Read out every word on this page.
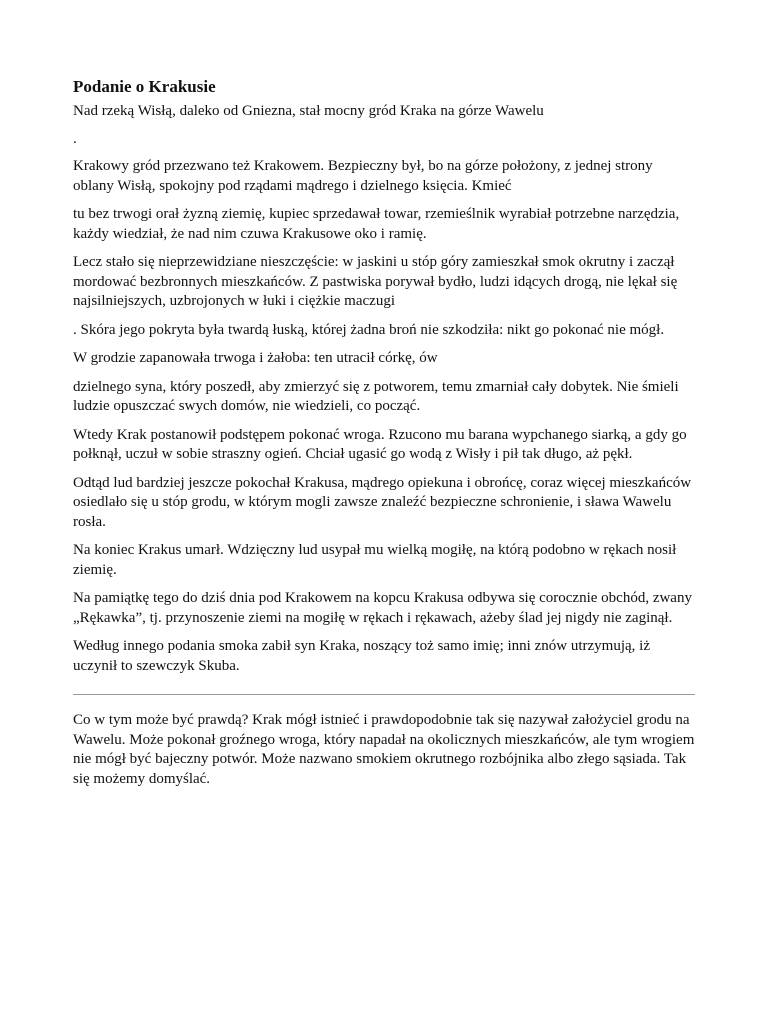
Podanie o Krakusie

Nad rzeką Wisłą, daleko od Gniezna, stał mocny gród Kraka na górze Wawelu

.

Krakowy gród przezwano też Krakowem. Bezpieczny był, bo na górze położony, z jednej strony oblany Wisłą, spokojny pod rządami mądrego i dzielnego księcia. Kmieć

tu bez trwogi orał żyzną ziemię, kupiec sprzedawał towar, rzemieślnik wyrabiał potrzebne narzędzia, każdy wiedział, że nad nim czuwa Krakusowe oko i ramię.

Lecz stało się nieprzewidziane nieszczęście: w jaskini u stóp góry zamieszkał smok okrutny i zaczął mordować bezbronnych mieszkańców. Z pastwiska porywał bydło, ludzi idących drogą, nie lękał się najsilniejszych, uzbrojonych w łuki i ciężkie maczugi

. Skóra jego pokryta była twardą łuską, której żadna broń nie szkodziła: nikt go pokonać nie mógł.

W grodzie zapanowała trwoga i żałoba: ten utracił córkę, ów

dzielnego syna, który poszedł, aby zmierzyć się z potworem, temu zmarniał cały dobytek. Nie śmieli ludzie opuszczać swych domów, nie wiedzieli, co począć.

Wtedy Krak postanowił podstępem pokonać wroga. Rzucono mu barana wypchanego siarką, a gdy go połknął, uczuł w sobie straszny ogień. Chciał ugasić go wodą z Wisły i pił tak długo, aż pękł.

Odtąd lud bardziej jeszcze pokochał Krakusa, mądrego opiekuna i obrońcę, coraz więcej mieszkańców osiedlało się u stóp grodu, w którym mogli zawsze znaleźć bezpieczne schronienie, i sława Wawelu rosła.

Na koniec Krakus umarł. Wdzięczny lud usypał mu wielką mogiłę, na którą podobno w rękach nosił ziemię.

Na pamiątkę tego do dziś dnia pod Krakowem na kopcu Krakusa odbywa się corocznie obchód, zwany „Rękawka”, tj. przynoszenie ziemi na mogiłę w rękach i rękawach, ażeby ślad jej nigdy nie zaginął.

Według innego podania smoka zabił syn Kraka, noszący toż samo imię; inni znów utrzymują, iż uczynił to szewczyk Skuba.

Co w tym może być prawdą? Krak mógł istnieć i prawdopodobnie tak się nazywał założyciel grodu na Wawelu. Może pokonał groźnego wroga, który napadał na okolicznych mieszkańców, ale tym wrogiem nie mógł być bajeczny potwór. Może nazwano smokiem okrutnego rozbójnika albo złego sąsiada. Tak się możemy domyślać.
